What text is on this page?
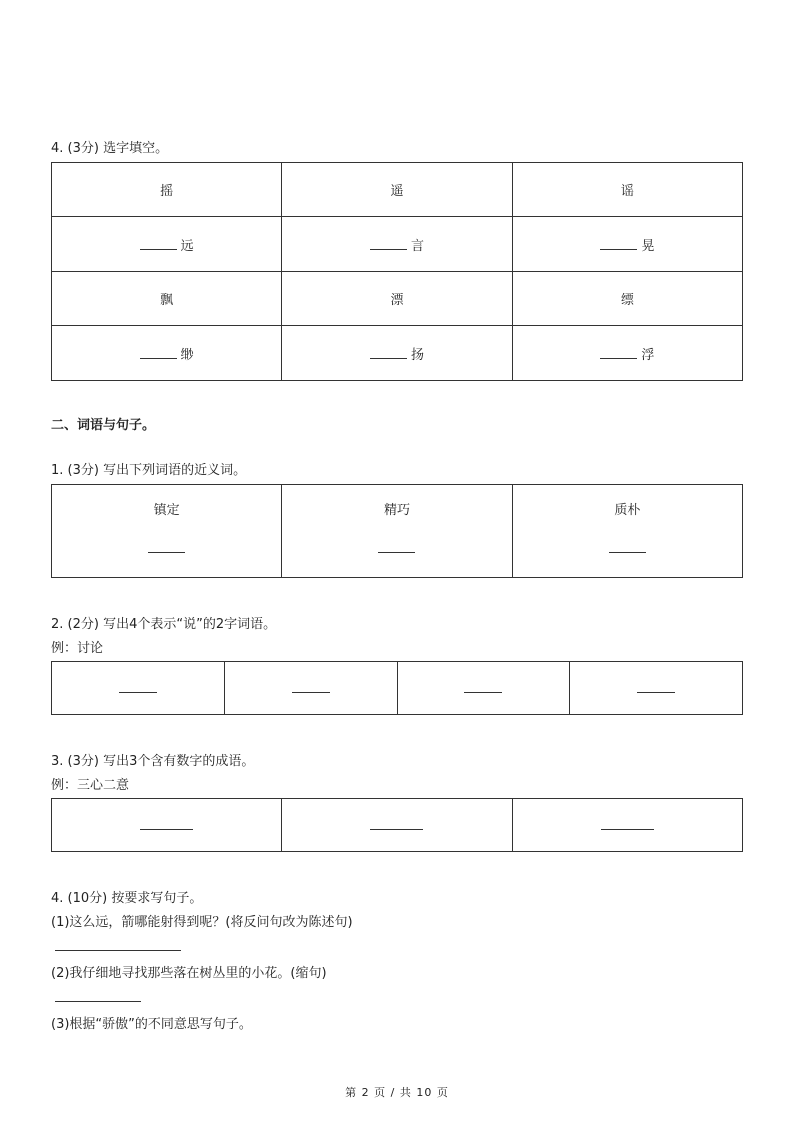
4. (3分) 选字填空。
摇	遥	谣
远	言	晃
飘	漂	缥
缈	扬	浮
二、词语与句子。
1. (3分) 写出下列词语的近义词。
镇定	精巧	质朴
2. (2分) 写出4个表示“说”的2字词语。
例：讨论

3. (3分) 写出3个含有数字的成语。
例：三心二意

4. (10分) 按要求写句子。
(1)这么远，箭哪能射得到呢？(将反问句改为陈述句)
(2)我仔细地寻找那些落在树丛里的小花。(缩句)
(3)根据“骄傲”的不同意思写句子。
第 2 页 / 共 10 页
